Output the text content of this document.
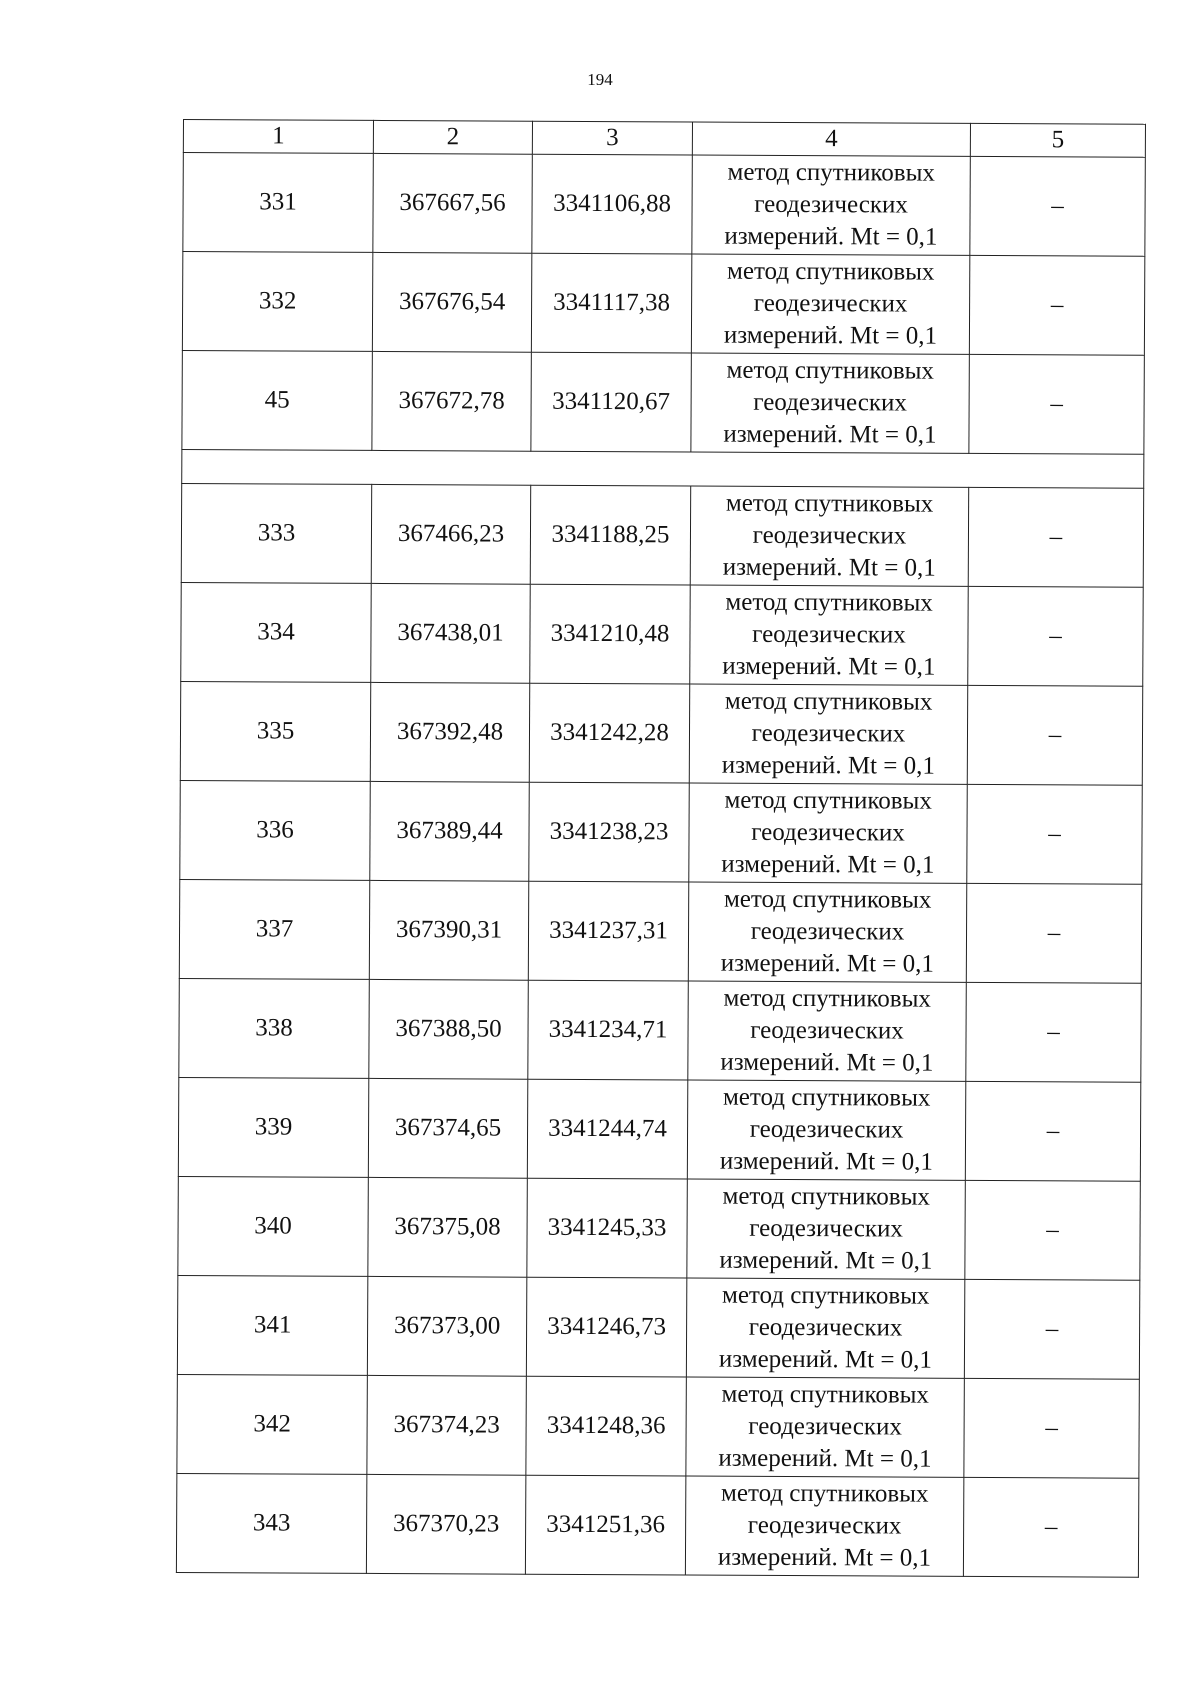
194
1	2	3	4	5
331	367667,56	3341106,88	метод спутниковых
геодезических
измерений. Mt = 0,1	–
332	367676,54	3341117,38	метод спутниковых
геодезических
измерений. Mt = 0,1	–
45	367672,78	3341120,67	метод спутниковых
геодезических
измерений. Mt = 0,1	–

333	367466,23	3341188,25	метод спутниковых
геодезических
измерений. Mt = 0,1	–
334	367438,01	3341210,48	метод спутниковых
геодезических
измерений. Mt = 0,1	–
335	367392,48	3341242,28	метод спутниковых
геодезических
измерений. Mt = 0,1	–
336	367389,44	3341238,23	метод спутниковых
геодезических
измерений. Mt = 0,1	–
337	367390,31	3341237,31	метод спутниковых
геодезических
измерений. Mt = 0,1	–
338	367388,50	3341234,71	метод спутниковых
геодезических
измерений. Mt = 0,1	–
339	367374,65	3341244,74	метод спутниковых
геодезических
измерений. Mt = 0,1	–
340	367375,08	3341245,33	метод спутниковых
геодезических
измерений. Mt = 0,1	–
341	367373,00	3341246,73	метод спутниковых
геодезических
измерений. Mt = 0,1	–
342	367374,23	3341248,36	метод спутниковых
геодезических
измерений. Mt = 0,1	–
343	367370,23	3341251,36	метод спутниковых
геодезических
измерений. Mt = 0,1	–
